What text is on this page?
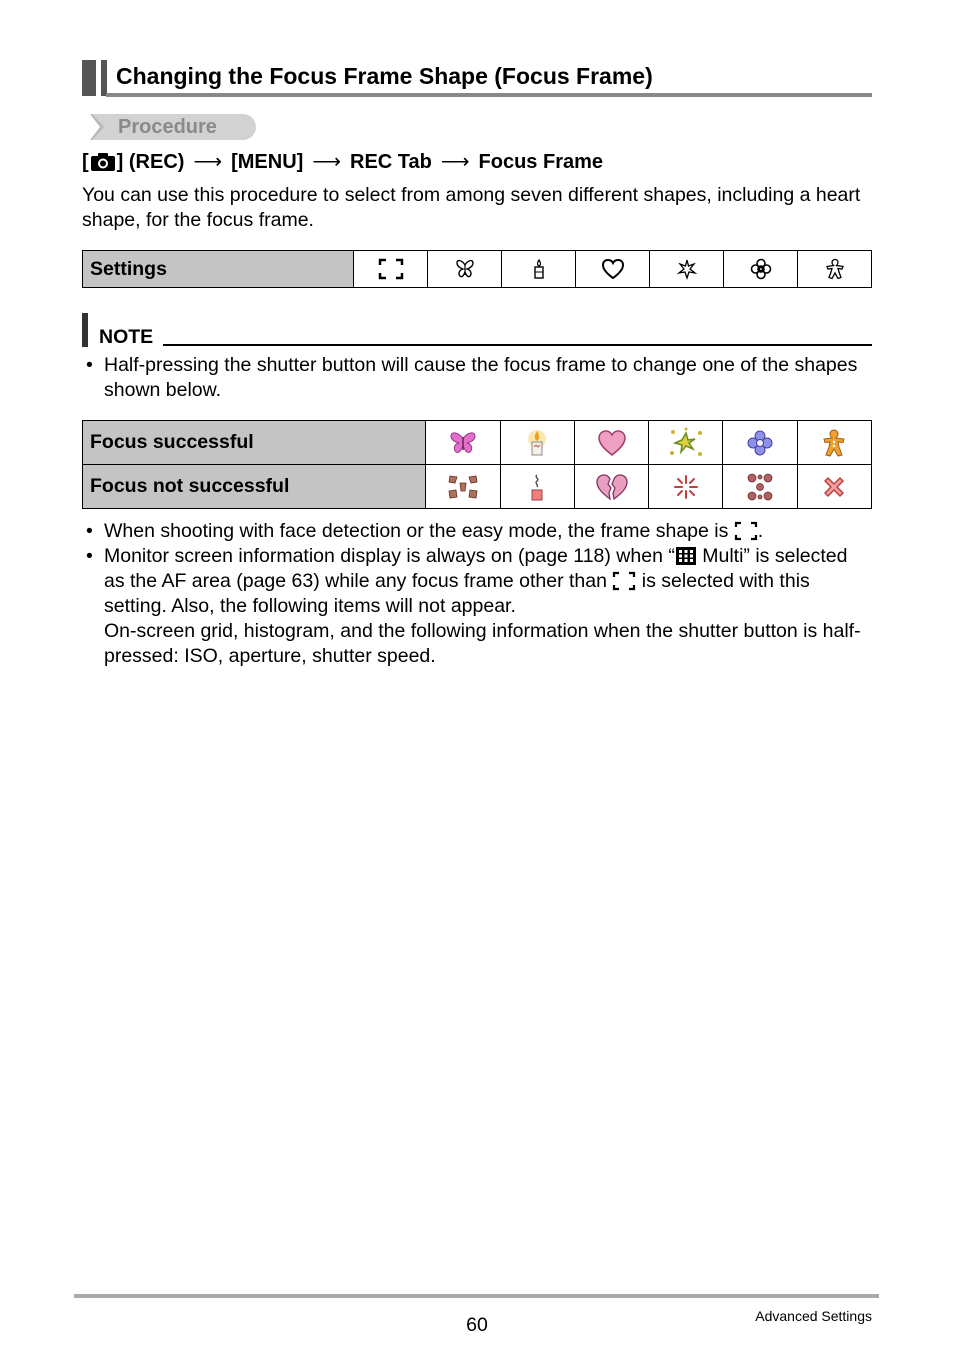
Changing the Focus Frame Shape (Focus Frame)
Procedure
[ ] (REC) ⟶ [MENU] ⟶ REC Tab ⟶ Focus Frame
You can use this procedure to select from among seven different shapes, including a heart shape, for the focus frame.
Settings	

NOTE
• Half-pressing the shutter button will cause the focus frame to change one of the shapes shown below.
Focus successful	

Focus not successful	

• When shooting with face detection or the easy mode, the frame shape is .
• Monitor screen information display is always on (page 118) when “ Multi” is selected as the AF area (page 63) while any focus frame other than  is selected with this setting. Also, the following items will not appear.
On-screen grid, histogram, and the following information when the shutter button is half-pressed: ISO, aperture, shutter speed.
60	Advanced Settings
